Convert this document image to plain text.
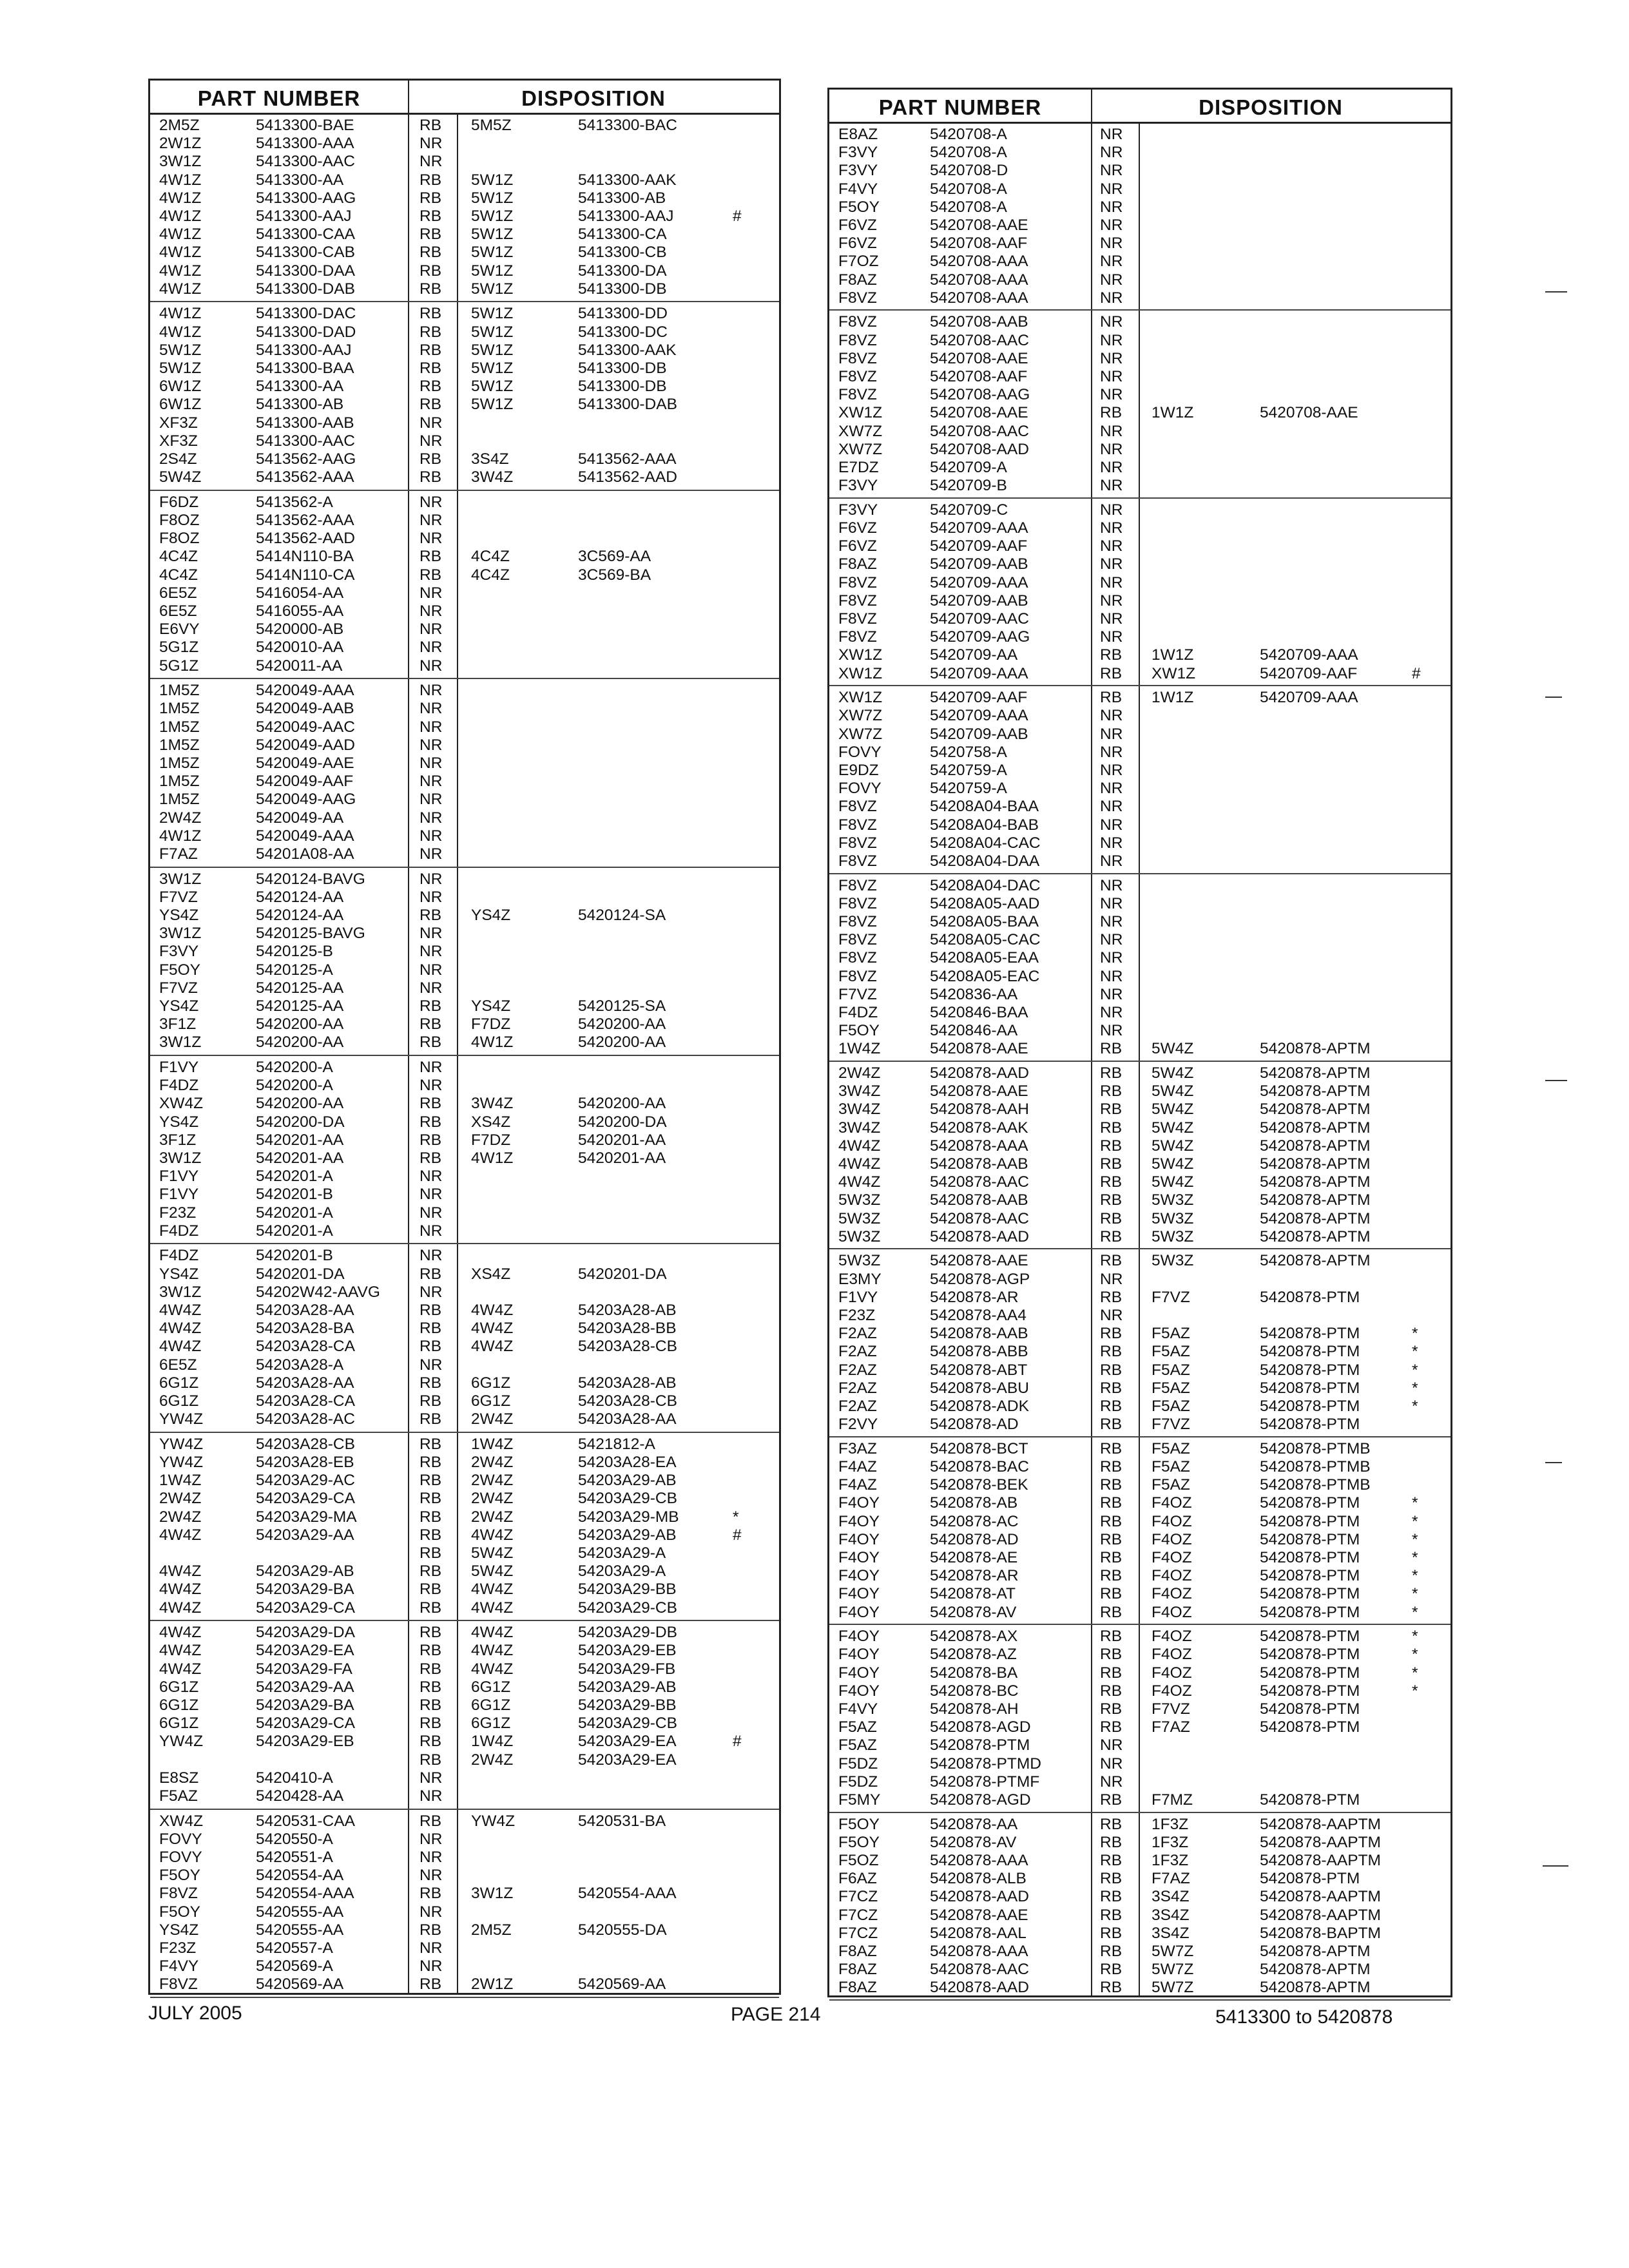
PART NUMBER	DISPOSITION
2M5Z	5413300-BAE	RB 5M5Z	5413300-BAC
2W1Z	5413300-AAA	NR
3W1Z	5413300-AAC	NR
4W1Z	5413300-AA	RB 5W1Z	5413300-AAK
4W1Z	5413300-AAG	RB 5W1Z	5413300-AB
4W1Z	5413300-AAJ	RB 5W1Z	5413300-AAJ	#
4W1Z	5413300-CAA	RB 5W1Z	5413300-CA
4W1Z	5413300-CAB	RB 5W1Z	5413300-CB
4W1Z	5413300-DAA	RB 5W1Z	5413300-DA
4W1Z	5413300-DAB	RB 5W1Z	5413300-DB
4W1Z	5413300-DAC	RB 5W1Z	5413300-DD
4W1Z	5413300-DAD	RB 5W1Z	5413300-DC
5W1Z	5413300-AAJ	RB 5W1Z	5413300-AAK
5W1Z	5413300-BAA	RB 5W1Z	5413300-DB
6W1Z	5413300-AA	RB 5W1Z	5413300-DB
6W1Z	5413300-AB	RB 5W1Z	5413300-DAB
XF3Z	5413300-AAB	NR
XF3Z	5413300-AAC	NR
2S4Z	5413562-AAG	RB 3S4Z	5413562-AAA
5W4Z	5413562-AAA	RB 3W4Z	5413562-AAD
F6DZ	5413562-A	NR
F8OZ	5413562-AAA	NR
F8OZ	5413562-AAD	NR
4C4Z	5414N110-BA	RB 4C4Z	3C569-AA
4C4Z	5414N110-CA	RB 4C4Z	3C569-BA
6E5Z	5416054-AA	NR
6E5Z	5416055-AA	NR
E6VY	5420000-AB	NR
5G1Z	5420010-AA	NR
5G1Z	5420011-AA	NR
1M5Z	5420049-AAA	NR
1M5Z	5420049-AAB	NR
1M5Z	5420049-AAC	NR
1M5Z	5420049-AAD	NR
1M5Z	5420049-AAE	NR
1M5Z	5420049-AAF	NR
1M5Z	5420049-AAG	NR
2W4Z	5420049-AA	NR
4W1Z	5420049-AAA	NR
F7AZ	54201A08-AA	NR
3W1Z	5420124-BAVG	NR
F7VZ	5420124-AA	NR
YS4Z	5420124-AA	RB YS4Z	5420124-SA
3W1Z	5420125-BAVG	NR
F3VY	5420125-B	NR
F5OY	5420125-A	NR
F7VZ	5420125-AA	NR
YS4Z	5420125-AA	RB YS4Z	5420125-SA
3F1Z	5420200-AA	RB F7DZ	5420200-AA
3W1Z	5420200-AA	RB 4W1Z	5420200-AA
F1VY	5420200-A	NR
F4DZ	5420200-A	NR
XW4Z	5420200-AA	RB 3W4Z	5420200-AA
YS4Z	5420200-DA	RB XS4Z	5420200-DA
3F1Z	5420201-AA	RB F7DZ	5420201-AA
3W1Z	5420201-AA	RB 4W1Z	5420201-AA
F1VY	5420201-A	NR
F1VY	5420201-B	NR
F23Z	5420201-A	NR
F4DZ	5420201-A	NR
F4DZ	5420201-B	NR
YS4Z	5420201-DA	RB XS4Z	5420201-DA
3W1Z	54202W42-AAVG NR
4W4Z	54203A28-AA	RB 4W4Z	54203A28-AB
4W4Z	54203A28-BA	RB 4W4Z	54203A28-BB
4W4Z	54203A28-CA	RB 4W4Z	54203A28-CB
6E5Z	54203A28-A	NR
6G1Z	54203A28-AA	RB 6G1Z	54203A28-AB
6G1Z	54203A28-CA	RB 6G1Z	54203A28-CB
YW4Z	54203A28-AC	RB 2W4Z	54203A28-AA
YW4Z	54203A28-CB	RB 1W4Z	5421812-A
YW4Z	54203A28-EB	RB 2W4Z	54203A28-EA
1W4Z	54203A29-AC	RB 2W4Z	54203A29-AB
2W4Z	54203A29-CA	RB 2W4Z	54203A29-CB
2W4Z	54203A29-MA	RB 2W4Z	54203A29-MB	*
4W4Z	54203A29-AA	RB 4W4Z	54203A29-AB	#
RB 5W4Z	54203A29-A
4W4Z	54203A29-AB	RB 5W4Z	54203A29-A
4W4Z	54203A29-BA	RB 4W4Z	54203A29-BB
4W4Z	54203A29-CA	RB 4W4Z	54203A29-CB
4W4Z	54203A29-DA	RB 4W4Z	54203A29-DB
4W4Z	54203A29-EA	RB 4W4Z	54203A29-EB
4W4Z	54203A29-FA	RB 4W4Z	54203A29-FB
6G1Z	54203A29-AA	RB 6G1Z	54203A29-AB
6G1Z	54203A29-BA	RB 6G1Z	54203A29-BB
6G1Z	54203A29-CA	RB 6G1Z	54203A29-CB
YW4Z	54203A29-EB	RB 1W4Z	54203A29-EA	#
RB 2W4Z	54203A29-EA
E8SZ	5420410-A	NR
F5AZ	5420428-AA	NR
XW4Z	5420531-CAA	RB YW4Z	5420531-BA
FOVY	5420550-A	NR
FOVY	5420551-A	NR
F5OY	5420554-AA	NR
F8VZ	5420554-AAA	RB 3W1Z	5420554-AAA
F5OY	5420555-AA	NR
YS4Z	5420555-AA	RB 2M5Z	5420555-DA
F23Z	5420557-A	NR
F4VY	5420569-A	NR
F8VZ	5420569-AA	RB 2W1Z	5420569-AA
PART NUMBER	DISPOSITION
E8AZ	5420708-A	NR
F3VY	5420708-A	NR
F3VY	5420708-D	NR
F4VY	5420708-A	NR
F5OY	5420708-A	NR
F6VZ	5420708-AAE	NR
F6VZ	5420708-AAF	NR
F7OZ	5420708-AAA	NR
F8AZ	5420708-AAA	NR
F8VZ	5420708-AAA	NR
F8VZ	5420708-AAB	NR
F8VZ	5420708-AAC	NR
F8VZ	5420708-AAE	NR
F8VZ	5420708-AAF	NR
F8VZ	5420708-AAG	NR
XW1Z	5420708-AAE	RB 1W1Z	5420708-AAE
XW7Z	5420708-AAC	NR
XW7Z	5420708-AAD	NR
E7DZ	5420709-A	NR
F3VY	5420709-B	NR
F3VY	5420709-C	NR
F6VZ	5420709-AAA	NR
F6VZ	5420709-AAF	NR
F8AZ	5420709-AAB	NR
F8VZ	5420709-AAA	NR
F8VZ	5420709-AAB	NR
F8VZ	5420709-AAC	NR
F8VZ	5420709-AAG	NR
XW1Z	5420709-AA	RB 1W1Z	5420709-AAA
XW1Z	5420709-AAA	RB XW1Z	5420709-AAF	#
XW1Z	5420709-AAF	RB 1W1Z	5420709-AAA
XW7Z	5420709-AAA	NR
XW7Z	5420709-AAB	NR
FOVY	5420758-A	NR
E9DZ	5420759-A	NR
FOVY	5420759-A	NR
F8VZ	54208A04-BAA	NR
F8VZ	54208A04-BAB	NR
F8VZ	54208A04-CAC	NR
F8VZ	54208A04-DAA	NR
F8VZ	54208A04-DAC	NR
F8VZ	54208A05-AAD	NR
F8VZ	54208A05-BAA	NR
F8VZ	54208A05-CAC	NR
F8VZ	54208A05-EAA	NR
F8VZ	54208A05-EAC	NR
F7VZ	5420836-AA	NR
F4DZ	5420846-BAA	NR
F5OY	5420846-AA	NR
1W4Z	5420878-AAE	RB 5W4Z	5420878-APTM
2W4Z	5420878-AAD	RB 5W4Z	5420878-APTM
3W4Z	5420878-AAE	RB 5W4Z	5420878-APTM
3W4Z	5420878-AAH	RB 5W4Z	5420878-APTM
3W4Z	5420878-AAK	RB 5W4Z	5420878-APTM
4W4Z	5420878-AAA	RB 5W4Z	5420878-APTM
4W4Z	5420878-AAB	RB 5W4Z	5420878-APTM
4W4Z	5420878-AAC	RB 5W4Z	5420878-APTM
5W3Z	5420878-AAB	RB 5W3Z	5420878-APTM
5W3Z	5420878-AAC	RB 5W3Z	5420878-APTM
5W3Z	5420878-AAD	RB 5W3Z	5420878-APTM
5W3Z	5420878-AAE	RB 5W3Z	5420878-APTM
E3MY	5420878-AGP	NR
F1VY	5420878-AR	RB F7VZ	5420878-PTM
F23Z	5420878-AA4	NR
F2AZ	5420878-AAB	RB F5AZ	5420878-PTM	*
F2AZ	5420878-ABB	RB F5AZ	5420878-PTM	*
F2AZ	5420878-ABT	RB F5AZ	5420878-PTM	*
F2AZ	5420878-ABU	RB F5AZ	5420878-PTM	*
F2AZ	5420878-ADK	RB F5AZ	5420878-PTM	*
F2VY	5420878-AD	RB F7VZ	5420878-PTM
F3AZ	5420878-BCT	RB F5AZ	5420878-PTMB
F4AZ	5420878-BAC	RB F5AZ	5420878-PTMB
F4AZ	5420878-BEK	RB F5AZ	5420878-PTMB
F4OY	5420878-AB	RB F4OZ	5420878-PTM	*
F4OY	5420878-AC	RB F4OZ	5420878-PTM	*
F4OY	5420878-AD	RB F4OZ	5420878-PTM	*
F4OY	5420878-AE	RB F4OZ	5420878-PTM	*
F4OY	5420878-AR	RB F4OZ	5420878-PTM	*
F4OY	5420878-AT	RB F4OZ	5420878-PTM	*
F4OY	5420878-AV	RB F4OZ	5420878-PTM	*
F4OY	5420878-AX	RB F4OZ	5420878-PTM	*
F4OY	5420878-AZ	RB F4OZ	5420878-PTM	*
F4OY	5420878-BA	RB F4OZ	5420878-PTM	*
F4OY	5420878-BC	RB F4OZ	5420878-PTM	*
F4VY	5420878-AH	RB F7VZ	5420878-PTM
F5AZ	5420878-AGD	RB F7AZ	5420878-PTM
F5AZ	5420878-PTM	NR
F5DZ	5420878-PTMD	NR
F5DZ	5420878-PTMF	NR
F5MY	5420878-AGD	RB F7MZ	5420878-PTM
F5OY	5420878-AA	RB 1F3Z	5420878-AAPTM
F5OY	5420878-AV	RB 1F3Z	5420878-AAPTM
F5OZ	5420878-AAA	RB 1F3Z	5420878-AAPTM
F6AZ	5420878-ALB	RB F7AZ	5420878-PTM
F7CZ	5420878-AAD	RB 3S4Z	5420878-AAPTM
F7CZ	5420878-AAE	RB 3S4Z	5420878-AAPTM
F7CZ	5420878-AAL	RB 3S4Z	5420878-BAPTM
F8AZ	5420878-AAA	RB 5W7Z	5420878-APTM
F8AZ	5420878-AAC	RB 5W7Z	5420878-APTM
F8AZ	5420878-AAD	RB 5W7Z	5420878-APTM
JULY 2005	PAGE 214	5413300 to 5420878
